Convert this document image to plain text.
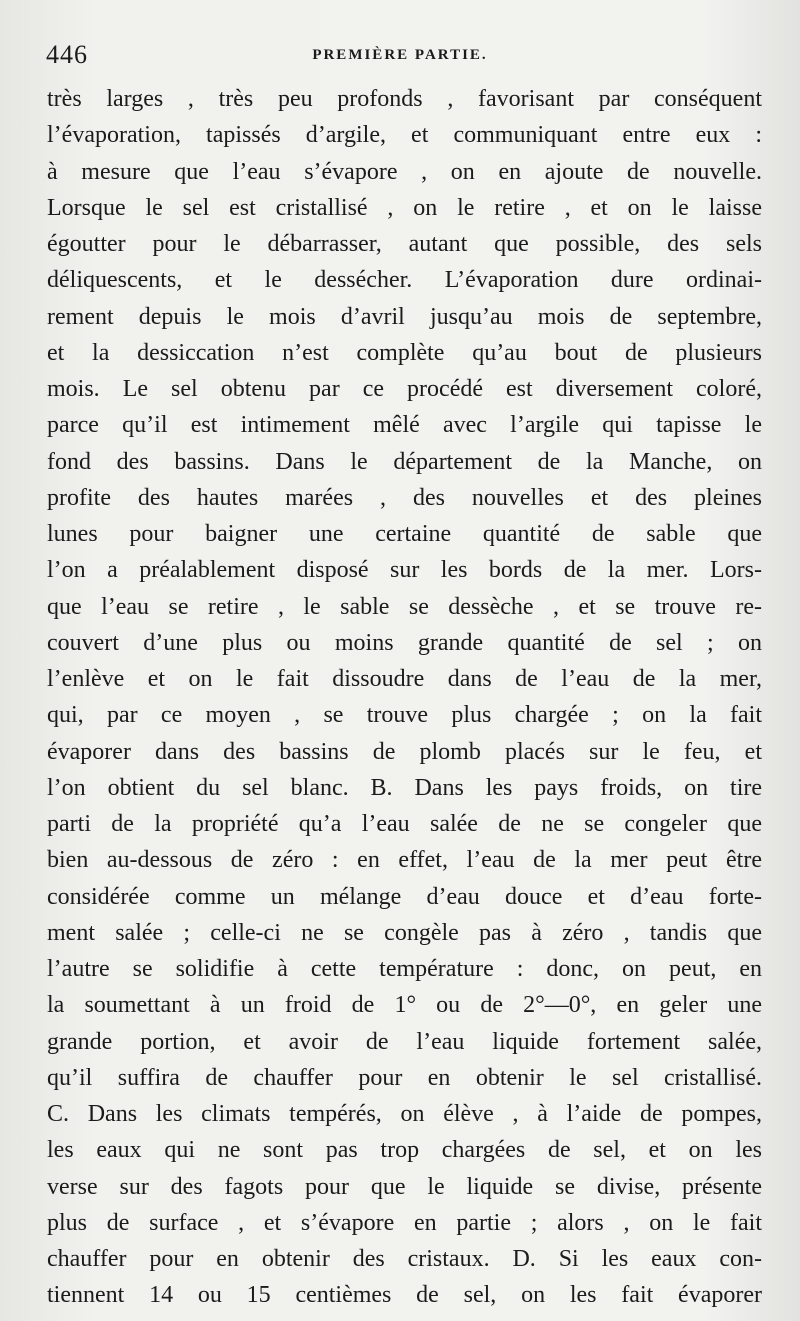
446	PREMIÈRE PARTIE.
très larges , très peu profonds , favorisant par conséquent
l’évaporation, tapissés d’argile, et communiquant entre eux :
à mesure que l’eau s’évapore , on en ajoute de nouvelle.
Lorsque le sel est cristallisé , on le retire , et on le laisse
égoutter pour le débarrasser, autant que possible, des sels
déliquescents, et le dessécher. L’évaporation dure ordinai-
rement depuis le mois d’avril jusqu’au mois de septembre,
et la dessiccation n’est complète qu’au bout de plusieurs
mois. Le sel obtenu par ce procédé est diversement coloré,
parce qu’il est intimement mêlé avec l’argile qui tapisse le
fond des bassins. Dans le département de la Manche, on
profite des hautes marées , des nouvelles et des pleines
lunes pour baigner une certaine quantité de sable que
l’on a préalablement disposé sur les bords de la mer. Lors-
que l’eau se retire , le sable se dessèche , et se trouve re-
couvert d’une plus ou moins grande quantité de sel ; on
l’enlève et on le fait dissoudre dans de l’eau de la mer,
qui, par ce moyen , se trouve plus chargée ; on la fait
évaporer dans des bassins de plomb placés sur le feu, et
l’on obtient du sel blanc. B. Dans les pays froids, on tire
parti de la propriété qu’a l’eau salée de ne se congeler que
bien au-dessous de zéro : en effet, l’eau de la mer peut être
considérée comme un mélange d’eau douce et d’eau forte-
ment salée ; celle-ci ne se congèle pas à zéro , tandis que
l’autre se solidifie à cette température : donc, on peut, en
la soumettant à un froid de 1° ou de 2°—0°, en geler une
grande portion, et avoir de l’eau liquide fortement salée,
qu’il suffira de chauffer pour en obtenir le sel cristallisé.
C. Dans les climats tempérés, on élève , à l’aide de pompes,
les eaux qui ne sont pas trop chargées de sel, et on les
verse sur des fagots pour que le liquide se divise, présente
plus de surface , et s’évapore en partie ; alors , on le fait
chauffer pour en obtenir des cristaux. D. Si les eaux con-
tiennent 14 ou 15 centièmes de sel, on les fait évaporer
